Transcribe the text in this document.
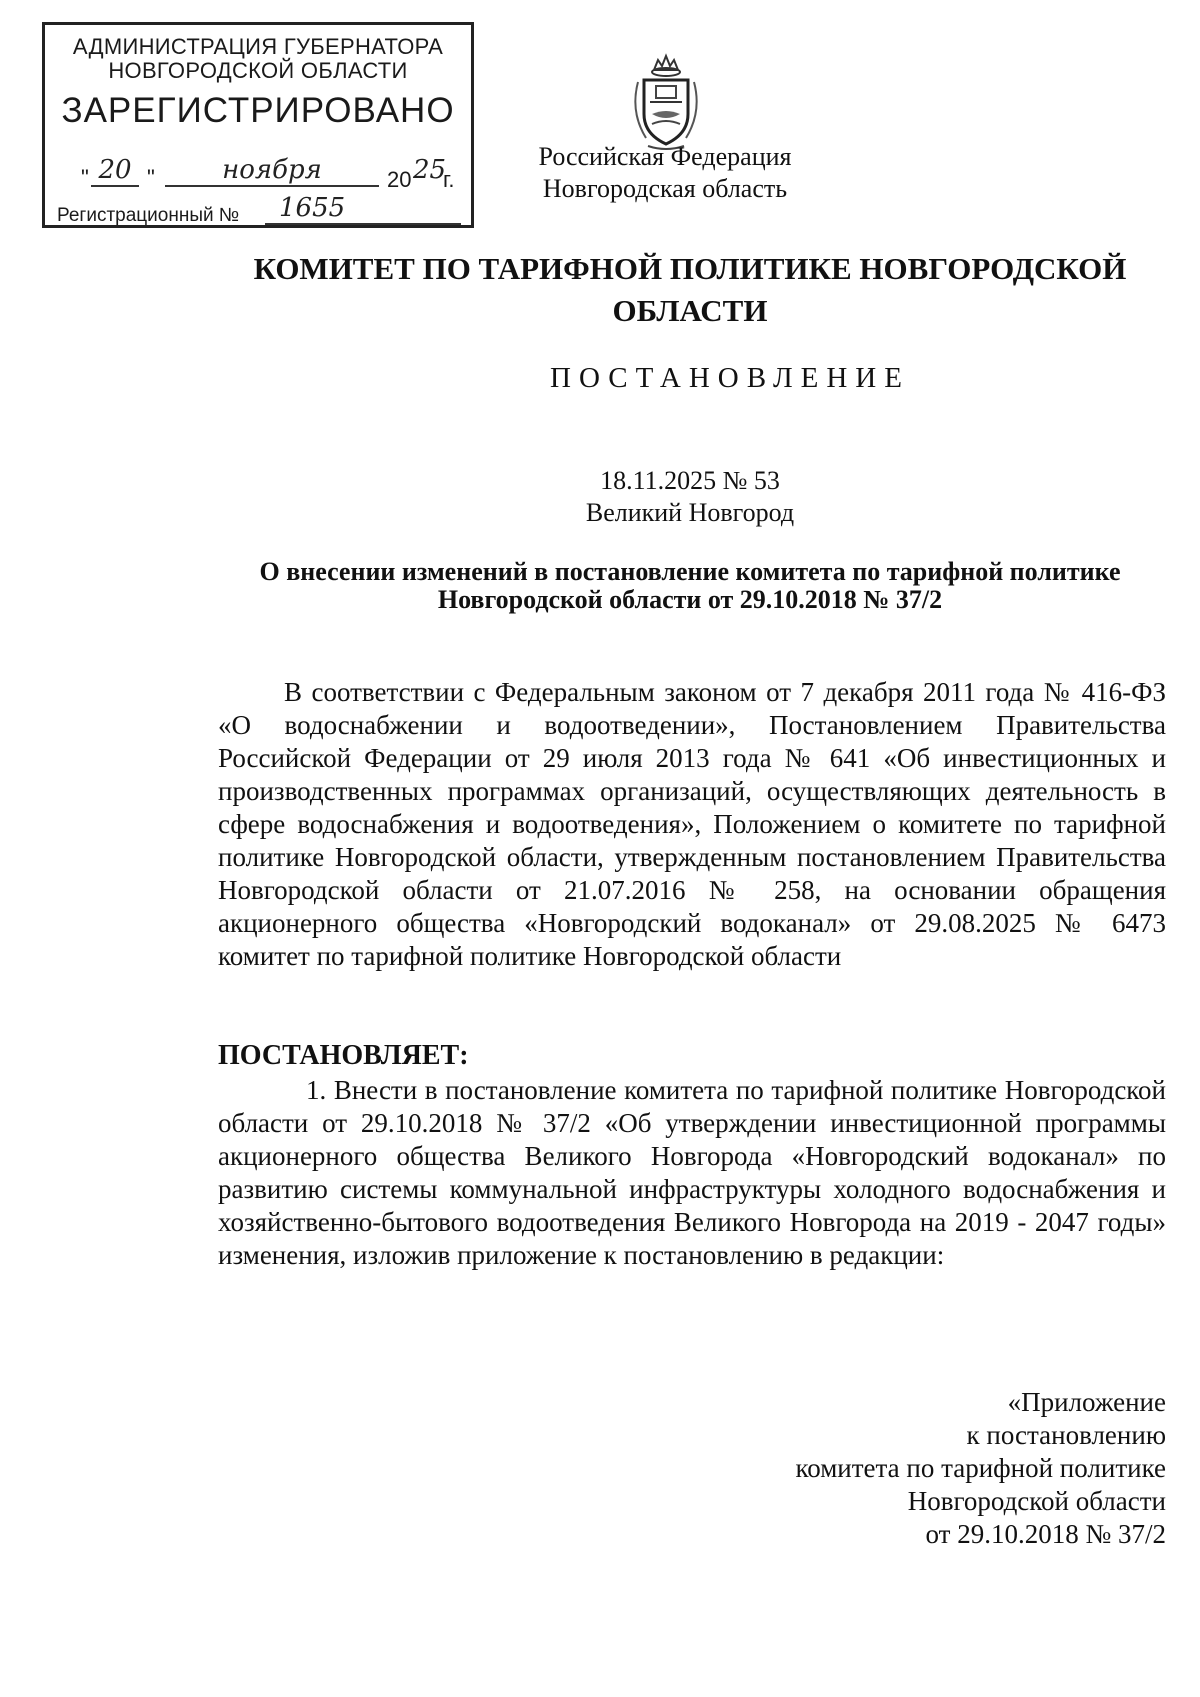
АДМИНИСТРАЦИЯ ГУБЕРНАТОРА
НОВГОРОДСКОЙ ОБЛАСТИ
ЗАРЕГИСТРИРОВАНО
" 20 "	ноября	20 25
г.
Регистрационный №	1655
Российская Федерация
Новгородская область
КОМИТЕТ ПО ТАРИФНОЙ ПОЛИТИКЕ НОВГОРОДСКОЙ
ОБЛАСТИ
ПОСТАНОВЛЕНИЕ
18.11.2025 № 53
Великий Новгород
О внесении изменений в постановление комитета по тарифной политике
Новгородской области от 29.10.2018 № 37/2
В соответствии с Федеральным законом от 7 декабря 2011 года № 416-ФЗ «О водоснабжении и водоотведении», Постановлением Правительства Российской Федерации от 29 июля 2013 года № 641 «Об инвестиционных и производственных программах организаций, осуществляющих деятельность в сфере водоснабжения и водоотведения», Положением о комитете по тарифной политике Новгородской области, утвержденным постановлением Правительства Новгородской области от 21.07.2016 № 258, на основании обращения акционерного общества «Новгородский водоканал» от 29.08.2025 № 6473 комитет по тарифной политике Новгородской области
ПОСТАНОВЛЯЕТ:
1. Внести в постановление комитета по тарифной политике Новгородской области от 29.10.2018 № 37/2 «Об утверждении инвестиционной программы акционерного общества Великого Новгорода «Новгородский водоканал» по развитию системы коммунальной инфраструктуры холодного водоснабжения и хозяйственно-бытового водоотведения Великого Новгорода на 2019 - 2047 годы» изменения, изложив приложение к постановлению в редакции:
«Приложение
к постановлению
комитета по тарифной политике
Новгородской области
от 29.10.2018 № 37/2
